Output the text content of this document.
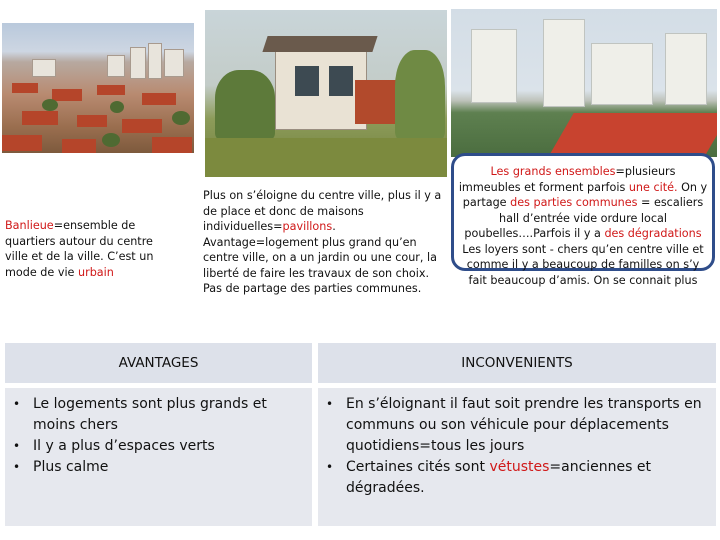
Banlieue=ensemble de quartiers autour du centre ville et de la ville. C’est un mode de vie urbain
Plus on s’éloigne du centre ville, plus il y a de place et donc de maisons individuelles=pavillons. Avantage=logement plus grand qu’en centre ville, on a un jardin ou une cour, la liberté de faire les travaux de son choix. Pas de partage des parties communes.

Les grands ensembles=plusieurs immeubles et forment parfois une cité. On y partage des parties communes = escaliers hall d’entrée vide ordure local poubelles….Parfois il y a des dégradations Les loyers sont - chers qu’en centre ville et comme il y a beaucoup de familles on s’y fait beaucoup d’amis. On se connait plus

AVANTAGES
• Le logements sont plus grands et moins chers
• Il y a plus d’espaces verts
• Plus calme
INCONVENIENTS
• En s’éloignant il faut soit prendre les transports en communs ou son véhicule pour déplacements quotidiens=tous les jours
• Certaines cités sont vétustes=anciennes et dégradées.
